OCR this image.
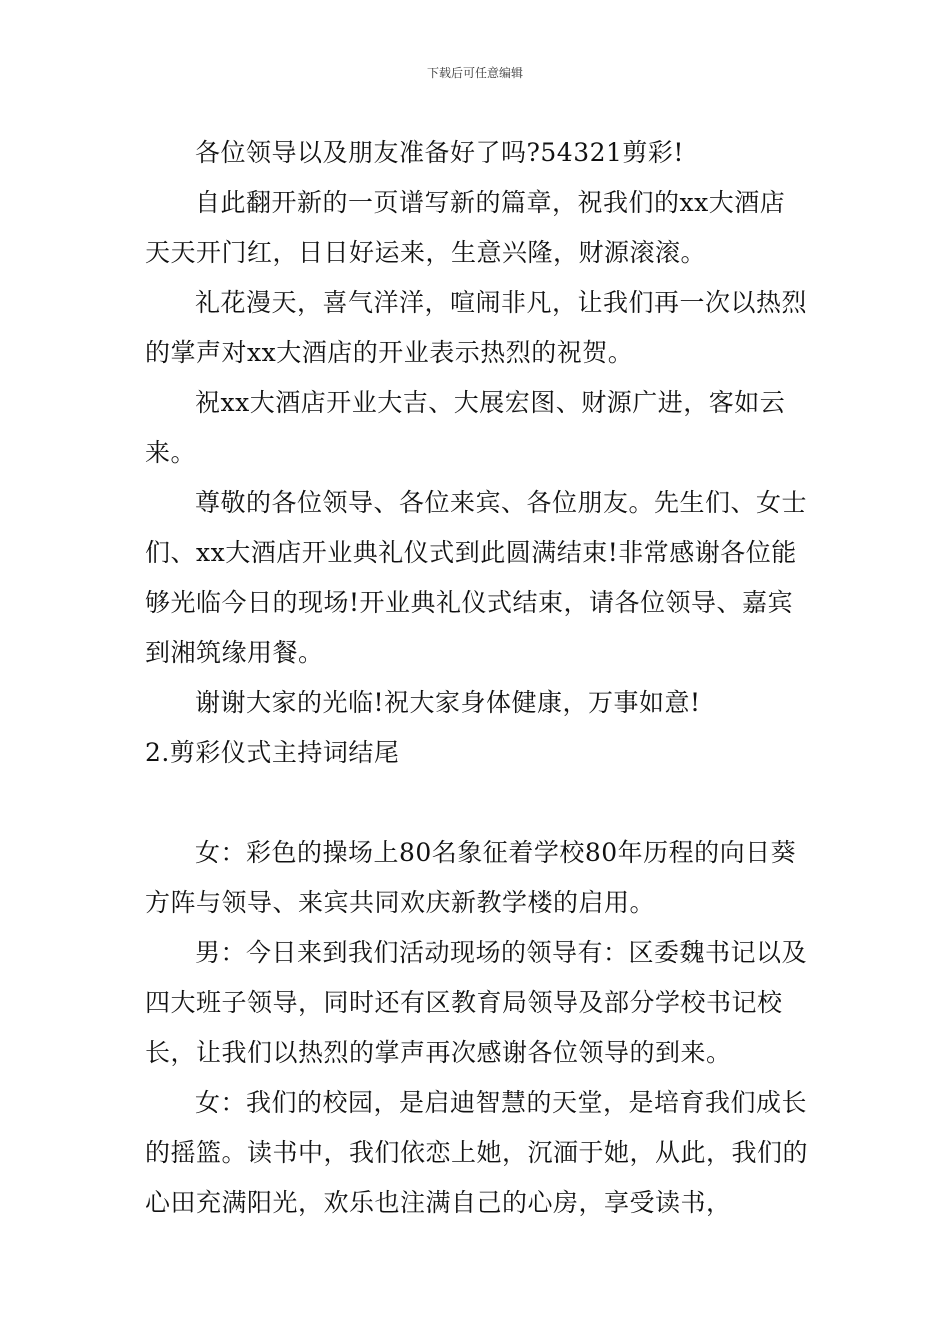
下载后可任意编辑

各位领导以及朋友准备好了吗?54321剪彩!

自此翻开新的一页谱写新的篇章，祝我们的xx大酒店天天开门红，日日好运来，生意兴隆，财源滚滚。

礼花漫天，喜气洋洋，喧闹非凡，让我们再一次以热烈的掌声对xx大酒店的开业表示热烈的祝贺。

祝xx大酒店开业大吉、大展宏图、财源广进，客如云来。

尊敬的各位领导、各位来宾、各位朋友。先生们、女士们、xx大酒店开业典礼仪式到此圆满结束!非常感谢各位能够光临今日的现场!开业典礼仪式结束，请各位领导、嘉宾到湘筑缘用餐。

谢谢大家的光临!祝大家身体健康，万事如意!

2.剪彩仪式主持词结尾

女：彩色的操场上80名象征着学校80年历程的向日葵方阵与领导、来宾共同欢庆新教学楼的启用。

男：今日来到我们活动现场的领导有：区委魏书记以及四大班子领导，同时还有区教育局领导及部分学校书记校长，让我们以热烈的掌声再次感谢各位领导的到来。

女：我们的校园，是启迪智慧的天堂，是培育我们成长的摇篮。读书中，我们依恋上她，沉湎于她，从此，我们的心田充满阳光，欢乐也注满自己的心房，享受读书，
